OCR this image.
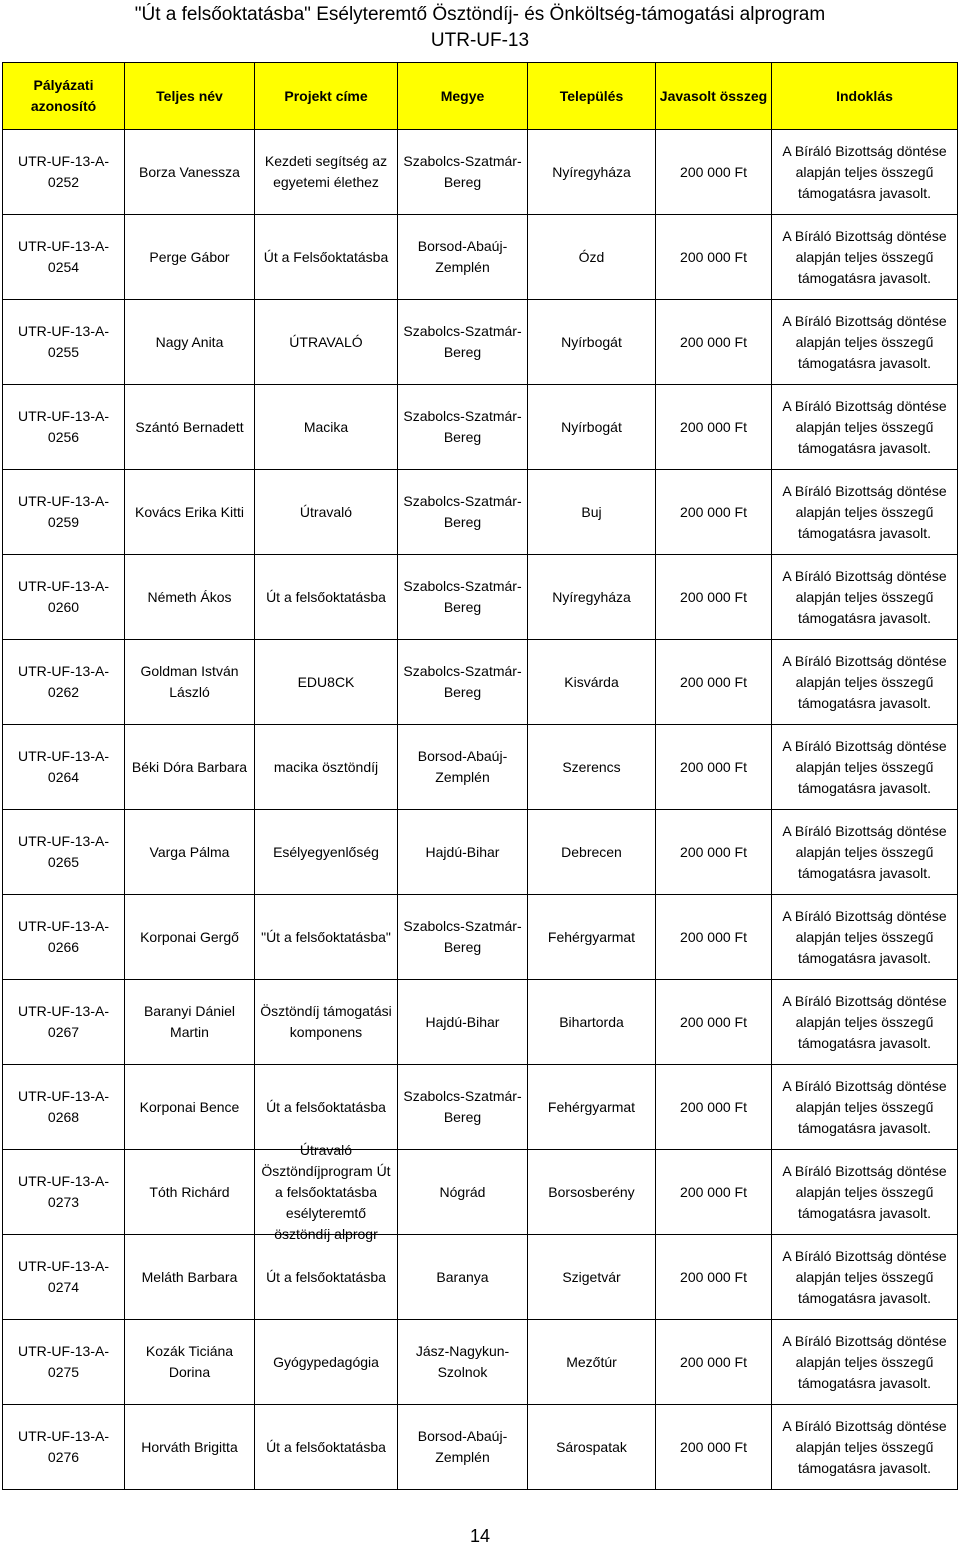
"Út a felsőoktatásba" Esélyteremtő Ösztöndíj- és Önköltség-támogatási alprogram
UTR-UF-13
Pályázati azonosító	Teljes név	Projekt címe	Megye	Település	Javasolt összeg	Indoklás

UTR-UF-13-A-0252	Borza Vanessza	Kezdeti segítség az egyetemi élethez	Szabolcs-Szatmár-Bereg	Nyíregyháza	200 000 Ft	A Bíráló Bizottság döntése alapján teljes összegű támogatásra javasolt.

UTR-UF-13-A-0254	Perge Gábor	Út a Felsőoktatásba	Borsod-Abaúj-Zemplén	Ózd	200 000 Ft	A Bíráló Bizottság döntése alapján teljes összegű támogatásra javasolt.

UTR-UF-13-A-0255	Nagy Anita	ÚTRAVALÓ	Szabolcs-Szatmár-Bereg	Nyírbogát	200 000 Ft	A Bíráló Bizottság döntése alapján teljes összegű támogatásra javasolt.

UTR-UF-13-A-0256	Szántó Bernadett	Macika	Szabolcs-Szatmár-Bereg	Nyírbogát	200 000 Ft	A Bíráló Bizottság döntése alapján teljes összegű támogatásra javasolt.

UTR-UF-13-A-0259	Kovács Erika Kitti	Útravaló	Szabolcs-Szatmár-Bereg	Buj	200 000 Ft	A Bíráló Bizottság döntése alapján teljes összegű támogatásra javasolt.

UTR-UF-13-A-0260	Németh Ákos	Út a felsőoktatásba	Szabolcs-Szatmár-Bereg	Nyíregyháza	200 000 Ft	A Bíráló Bizottság döntése alapján teljes összegű támogatásra javasolt.

UTR-UF-13-A-0262	Goldman István László	EDU8CK	Szabolcs-Szatmár-Bereg	Kisvárda	200 000 Ft	A Bíráló Bizottság döntése alapján teljes összegű támogatásra javasolt.

UTR-UF-13-A-0264	Béki Dóra Barbara	macika ösztöndíj	Borsod-Abaúj-Zemplén	Szerencs	200 000 Ft	A Bíráló Bizottság döntése alapján teljes összegű támogatásra javasolt.

UTR-UF-13-A-0265	Varga Pálma	Esélyegyenlőség	Hajdú-Bihar	Debrecen	200 000 Ft	A Bíráló Bizottság döntése alapján teljes összegű támogatásra javasolt.

UTR-UF-13-A-0266	Korponai Gergő	"Út a felsőoktatásba"	Szabolcs-Szatmár-Bereg	Fehérgyarmat	200 000 Ft	A Bíráló Bizottság döntése alapján teljes összegű támogatásra javasolt.

UTR-UF-13-A-0267	Baranyi Dániel Martin	Ösztöndíj támogatási komponens	Hajdú-Bihar	Bihartorda	200 000 Ft	A Bíráló Bizottság döntése alapján teljes összegű támogatásra javasolt.

UTR-UF-13-A-0268	Korponai Bence	Út a felsőoktatásba	Szabolcs-Szatmár-Bereg	Fehérgyarmat	200 000 Ft	A Bíráló Bizottság döntése alapján teljes összegű támogatásra javasolt.

UTR-UF-13-A-0273	Tóth Richárd	Útravaló Ösztöndíjprogram Út a felsőoktatásba esélyteremtő ösztöndíj alprogr	Nógrád	Borsosberény	200 000 Ft	A Bíráló Bizottság döntése alapján teljes összegű támogatásra javasolt.

UTR-UF-13-A-0274	Meláth Barbara	Út a felsőoktatásba	Baranya	Szigetvár	200 000 Ft	A Bíráló Bizottság döntése alapján teljes összegű támogatásra javasolt.

UTR-UF-13-A-0275	Kozák Ticiána Dorina	Gyógypedagógia	Jász-Nagykun-Szolnok	Mezőtúr	200 000 Ft	A Bíráló Bizottság döntése alapján teljes összegű támogatásra javasolt.

UTR-UF-13-A-0276	Horváth Brigitta	Út a felsőoktatásba	Borsod-Abaúj-Zemplén	Sárospatak	200 000 Ft	A Bíráló Bizottság döntése alapján teljes összegű támogatásra javasolt.
14
